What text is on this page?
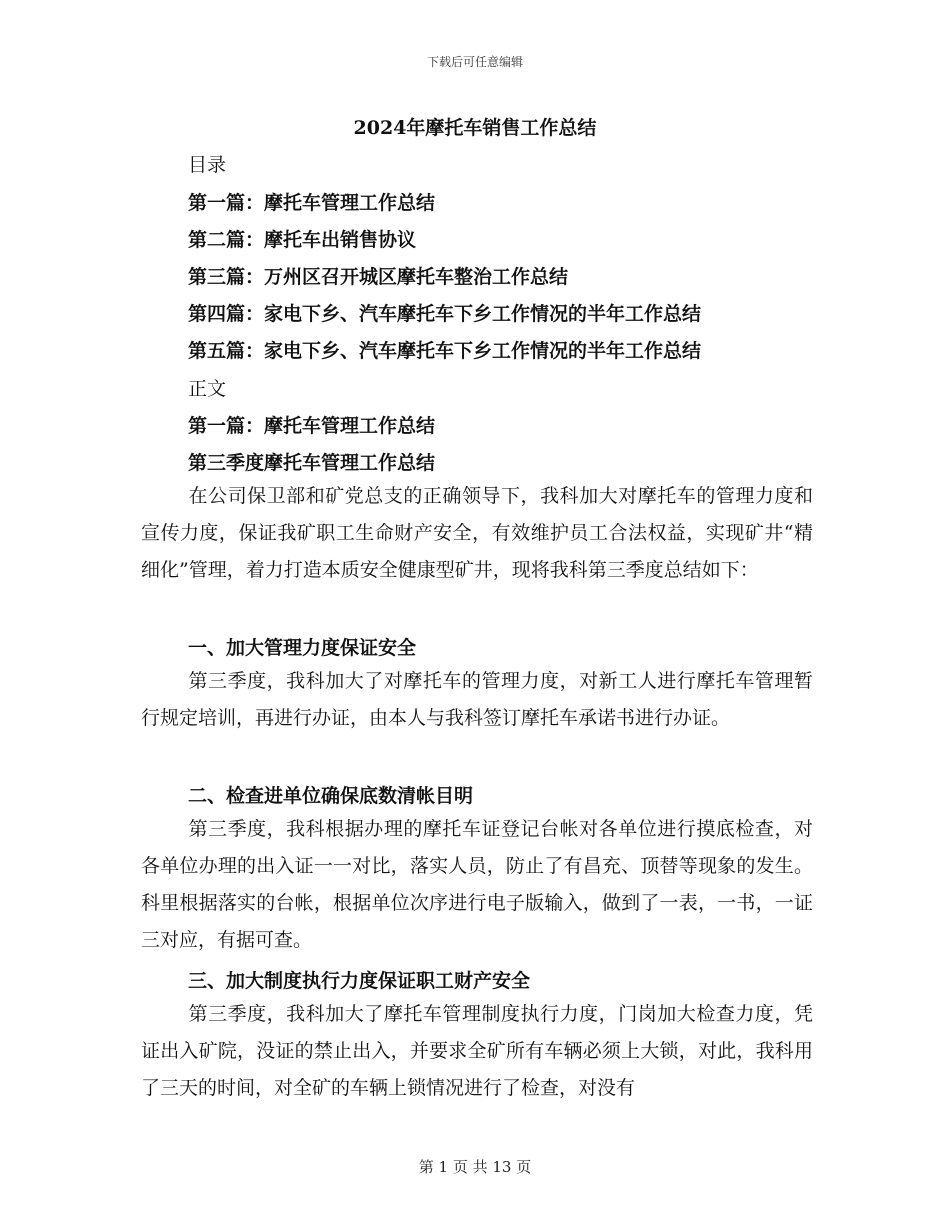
下载后可任意编辑
2024年摩托车销售工作总结
目录
第一篇：摩托车管理工作总结
第二篇：摩托车出销售协议
第三篇：万州区召开城区摩托车整治工作总结
第四篇：家电下乡、汽车摩托车下乡工作情况的半年工作总结
第五篇：家电下乡、汽车摩托车下乡工作情况的半年工作总结
正文
第一篇：摩托车管理工作总结
第三季度摩托车管理工作总结

在公司保卫部和矿党总支的正确领导下，我科加大对摩托车的管理力度和宣传力度，保证我矿职工生命财产安全，有效维护员工合法权益，实现矿井“精细化”管理，着力打造本质安全健康型矿井，现将我科第三季度总结如下：

一、加大管理力度保证安全

第三季度，我科加大了对摩托车的管理力度，对新工人进行摩托车管理暂行规定培训，再进行办证，由本人与我科签订摩托车承诺书进行办证。

二、检查进单位确保底数清帐目明

第三季度，我科根据办理的摩托车证登记台帐对各单位进行摸底检查，对各单位办理的出入证一一对比，落实人员，防止了有昌充、顶替等现象的发生。科里根据落实的台帐，根据单位次序进行电子版输入，做到了一表，一书，一证三对应，有据可查。

三、加大制度执行力度保证职工财产安全

第三季度，我科加大了摩托车管理制度执行力度，门岗加大检查力度，凭证出入矿院，没证的禁止出入，并要求全矿所有车辆必须上大锁，对此，我科用了三天的时间，对全矿的车辆上锁情况进行了检查，对没有

第 1 页 共 13 页
